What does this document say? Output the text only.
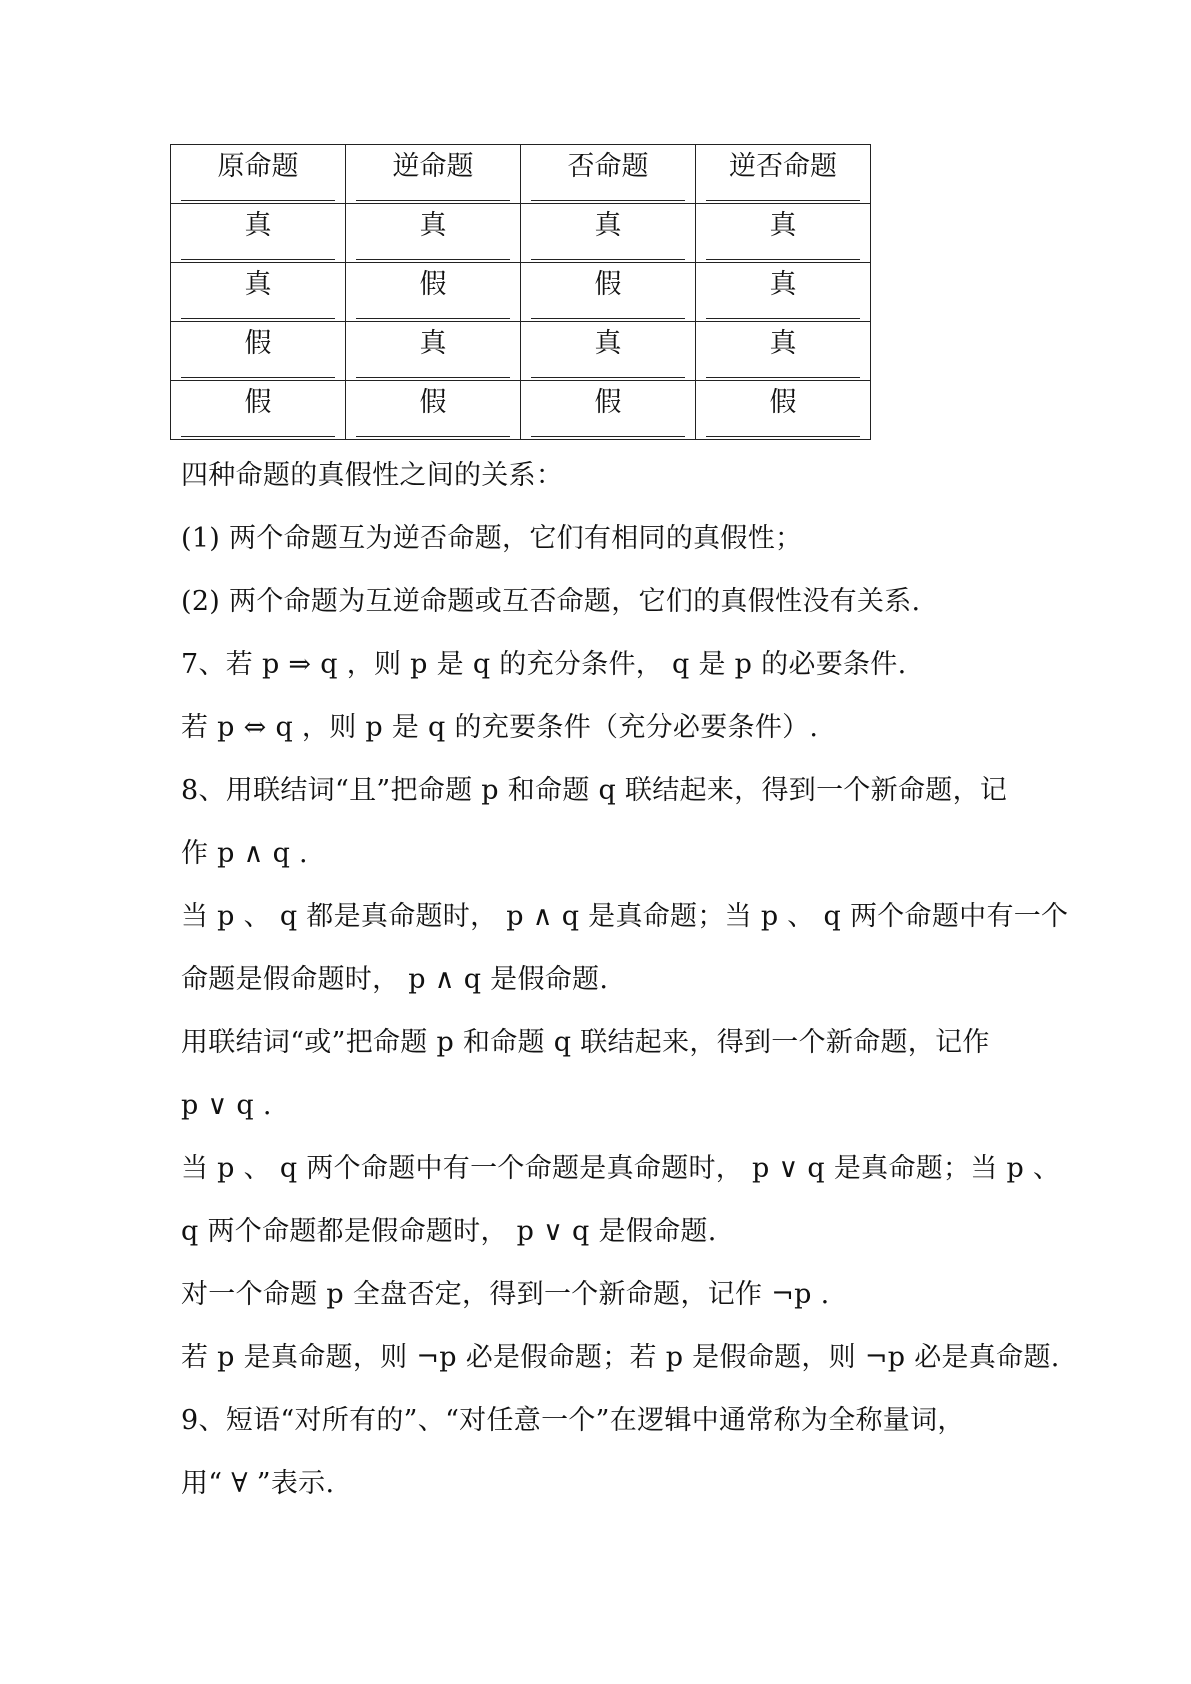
原命题	逆命题	否命题	逆否命题

真	真	真	真

真	假	假	真

假	真	真	真

假	假	假	假
四种命题的真假性之间的关系：
(1) 两个命题互为逆否命题，它们有相同的真假性；
(2) 两个命题为互逆命题或互否命题，它们的真假性没有关系.
7、若 p ⇒ q ，则 p 是 q 的充分条件， q 是 p 的必要条件.
若 p ⇔ q ，则 p 是 q 的充要条件（充分必要条件）.
8、用联结词“且”把命题 p 和命题 q 联结起来，得到一个新命题，记
作 p ∧ q .
当 p 、 q 都是真命题时， p ∧ q 是真命题；当 p 、 q 两个命题中有一个
命题是假命题时， p ∧ q 是假命题.
用联结词“或”把命题 p 和命题 q 联结起来，得到一个新命题，记作
p ∨ q .
当 p 、 q 两个命题中有一个命题是真命题时， p ∨ q 是真命题；当 p 、
q 两个命题都是假命题时， p ∨ q 是假命题.
对一个命题 p 全盘否定，得到一个新命题，记作 ¬p .
若 p 是真命题，则 ¬p 必是假命题；若 p 是假命题，则 ¬p 必是真命题.
9、短语“对所有的”、“对任意一个”在逻辑中通常称为全称量词，
用“ ∀ ”表示.
